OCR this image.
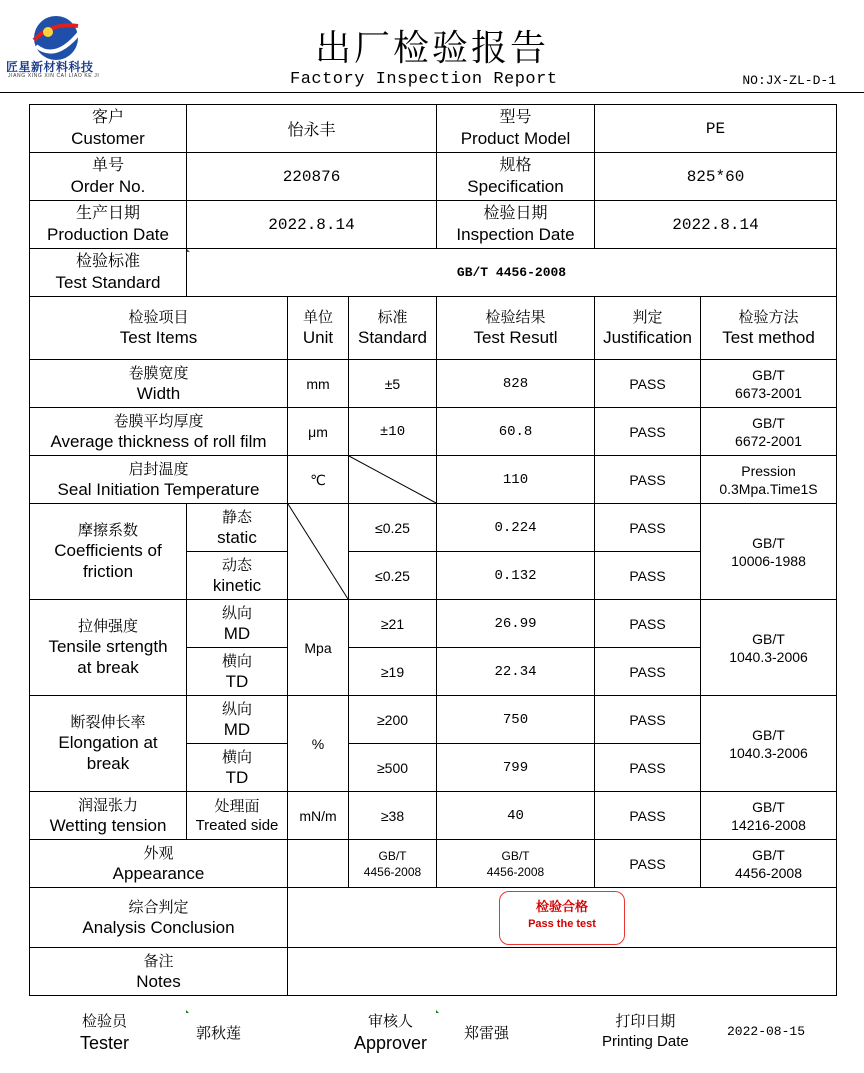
匠星新材料科技
JIANG XING XIN CAI LIAO KE JI
出厂检验报告
Factory Inspection Report	NO:JX-ZL-D-1
客户
Customer	怡永丰			型号
Product Model	PE	

单号
Order No.	220876			规格
Specification	825*60	

生产日期
Production Date	2022.8.14			检验日期
Inspection Date	2022.8.14	

检验标准
Test Standard	GB/T 4456-2008					

检验项目
Test Items		单位
Unit	标准
Standard	检验结果
Test Resutl	判定
Justification	检验方法
Test method

卷膜宽度
Width		mm	±5	828	PASS	GB/T
6673-2001

卷膜平均厚度
Average thickness of roll film		μm	±10	60.8	PASS	GB/T
6672-2001

启封温度
Seal Initiation Temperature		℃		110	PASS	Pression
0.3Mpa.Time1S

摩擦系数
Coefficients of
friction	静态
static		≤0.25	0.224	PASS	GB/T
10006-1988

	动态
kinetic		≤0.25	0.132	PASS	

拉伸强度
Tensile srtength
at break	纵向
MD	Mpa	≥21	26.99	PASS	GB/T
1040.3-2006

	横向
TD		≥19	22.34	PASS	

断裂伸长率
Elongation at
break	纵向
MD	%	≥200	750	PASS	GB/T
1040.3-2006

	横向
TD		≥500	799	PASS	

润湿张力
Wetting tension	处理面
Treated side	mN/m	≥38	40	PASS	GB/T
14216-2008

外观
Appearance			GB/T
4456-2008	GB/T
4456-2008	PASS	GB/T
4456-2008

综合判定
Analysis Conclusion		检验合格
Pass the test				

备注
Notes						

检验员
Tester	郭秋莲
审核人
Approver 郑雷强
打印日期
Printing Date
2022-08-15
